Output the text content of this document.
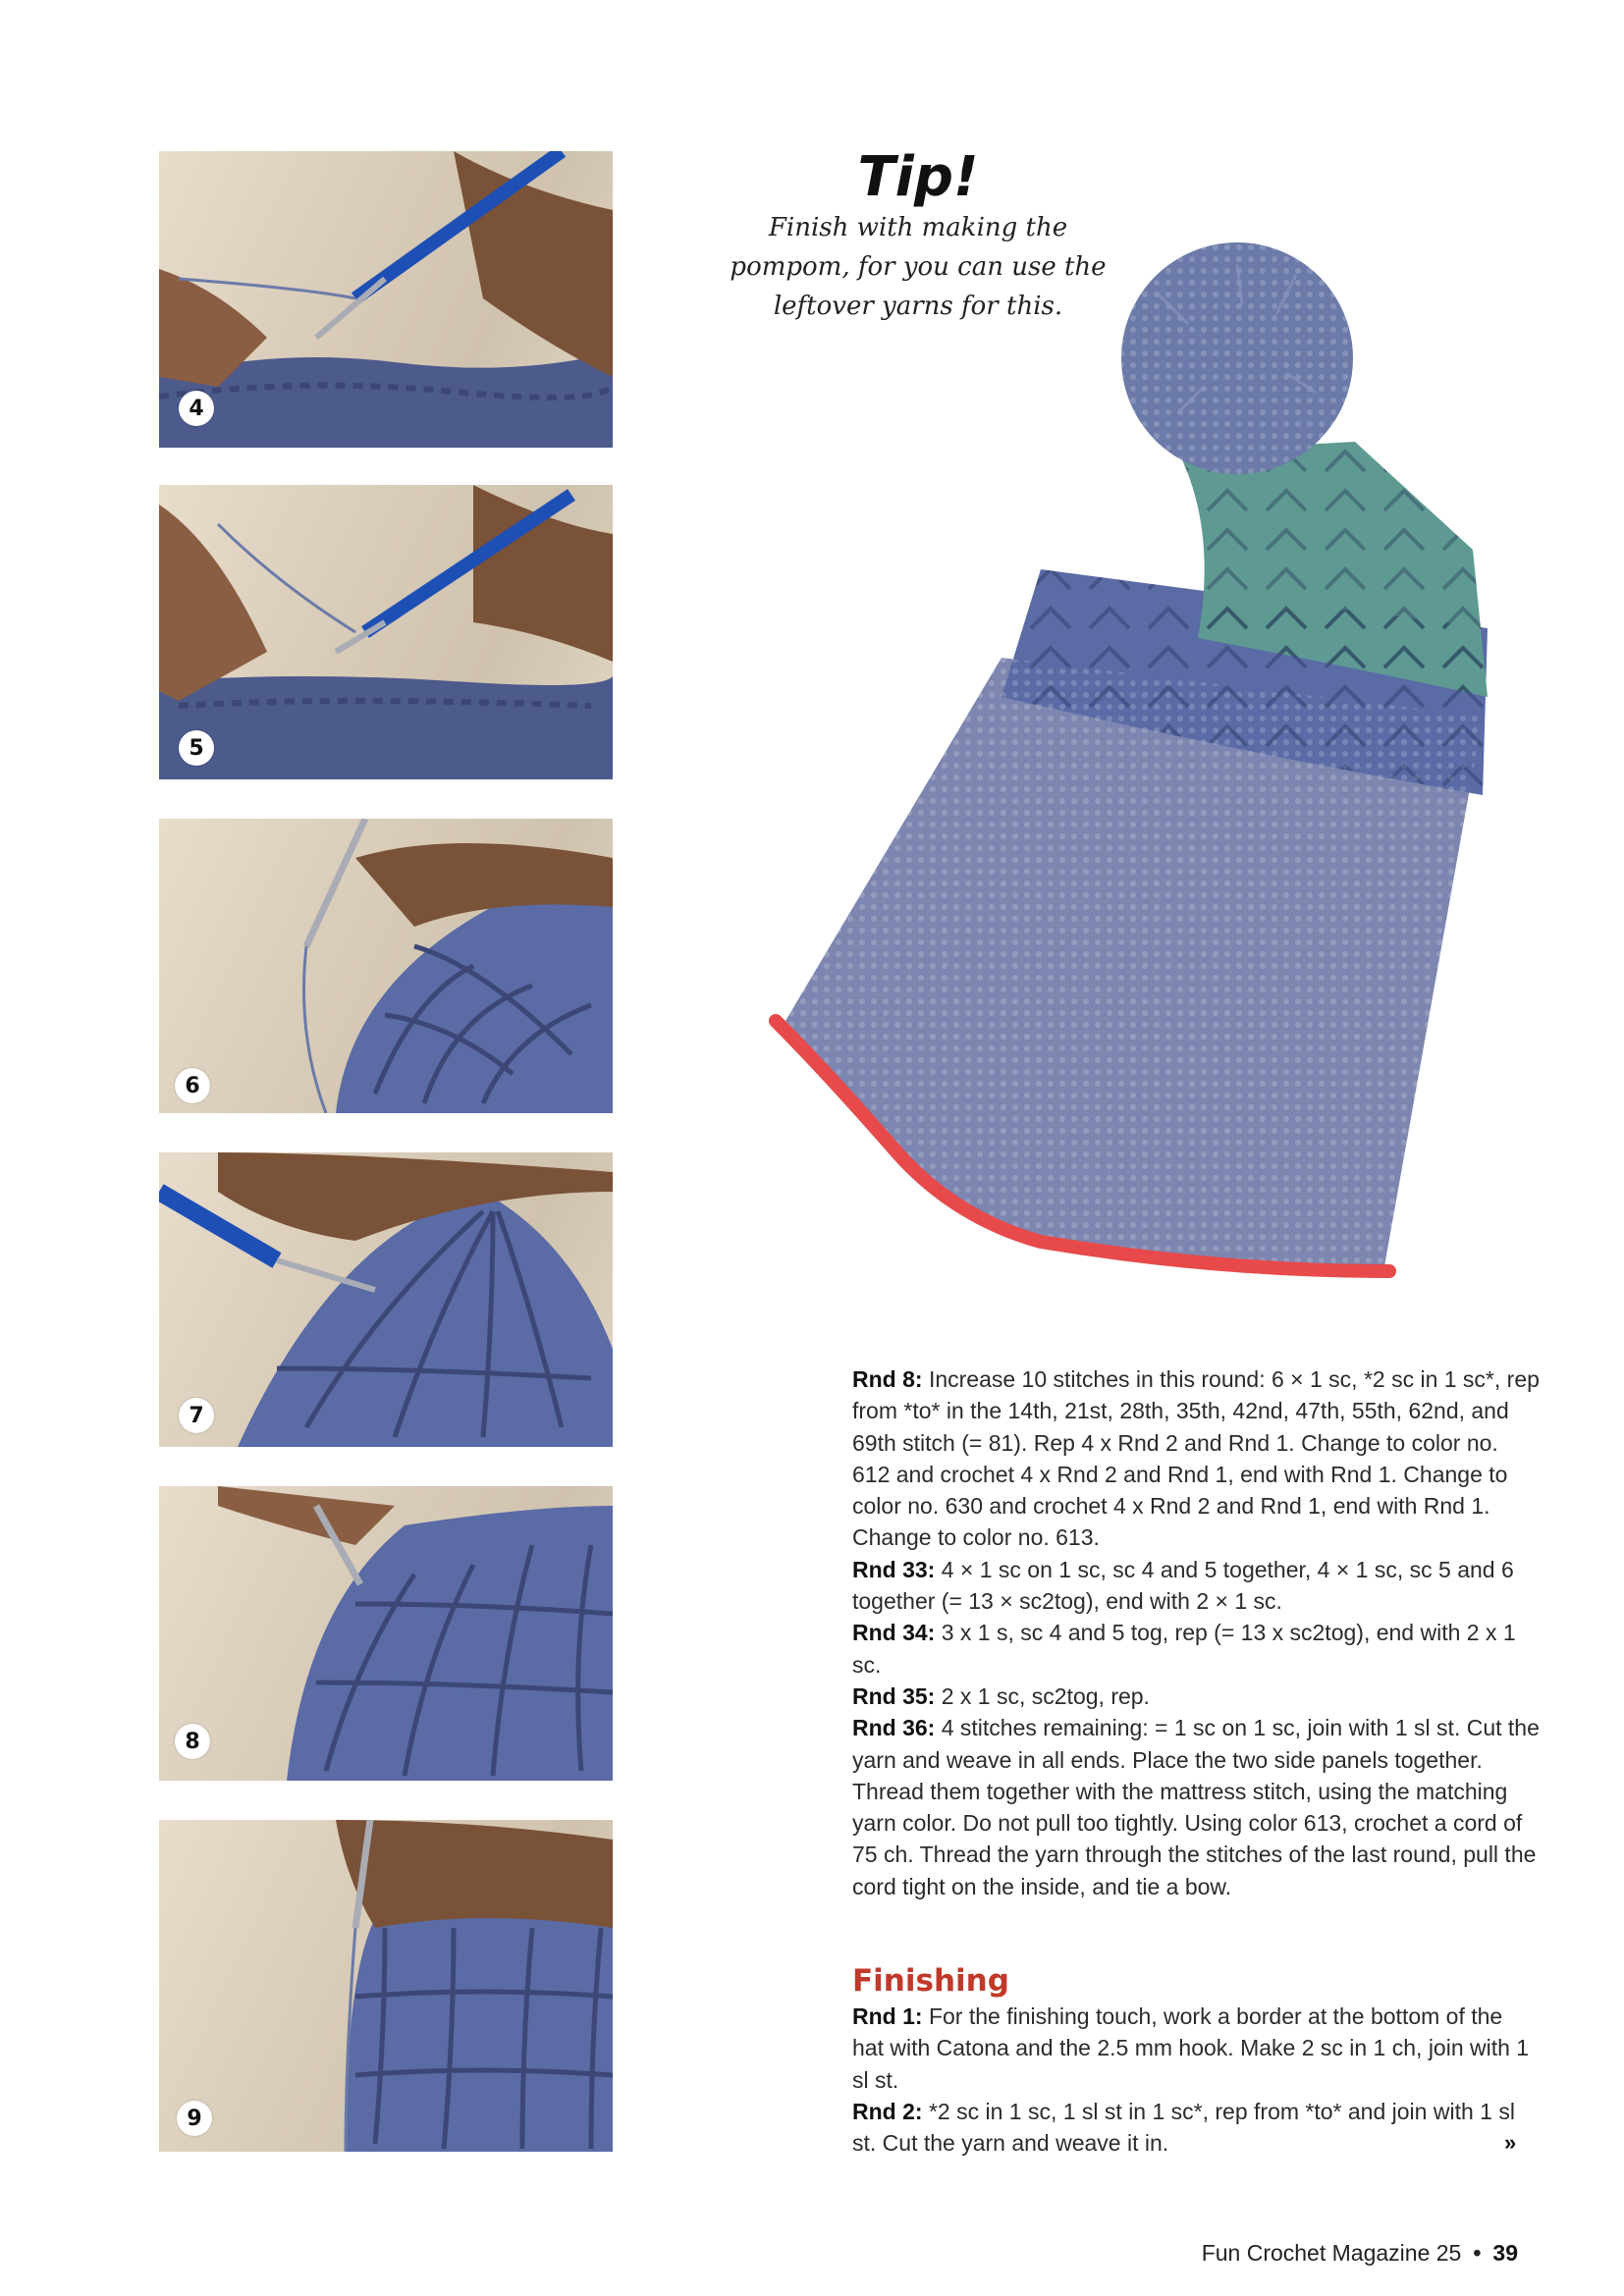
4
5
6
7
8
9
Tip!

Finish with making the pompom, for you can use the leftover yarns for this.

Rnd 8: Increase 10 stitches in this round: 6 × 1 sc, *2 sc in 1 sc*, rep from *to* in the 14th, 21st, 28th, 35th, 42nd, 47th, 55th, 62nd, and 69th stitch (= 81). Rep 4 x Rnd 2 and Rnd 1. Change to color no. 612 and crochet 4 x Rnd 2 and Rnd 1, end with Rnd 1. Change to color no. 630 and crochet 4 x Rnd 2 and Rnd 1, end with Rnd 1. Change to color no. 613.

Rnd 33: 4 × 1 sc on 1 sc, sc 4 and 5 together, 4 × 1 sc, sc 5 and 6 together (= 13 × sc2tog), end with 2 × 1 sc.

Rnd 34: 3 x 1 s, sc 4 and 5 tog, rep (= 13 x sc2tog), end with 2 x 1 sc.

Rnd 35: 2 x 1 sc, sc2tog, rep.

Rnd 36: 4 stitches remaining: = 1 sc on 1 sc, join with 1 sl st. Cut the yarn and weave in all ends. Place the two side panels together. Thread them together with the mattress stitch, using the matching yarn color. Do not pull too tightly. Using color 613, crochet a cord of 75 ch. Thread the yarn through the stitches of the last round, pull the cord tight on the inside, and tie a bow.

Finishing

Rnd 1: For the finishing touch, work a border at the bottom of the hat with Catona and the 2.5 mm hook. Make 2 sc in 1 ch, join with 1 sl st.

Rnd 2: *2 sc in 1 sc, 1 sl st in 1 sc*, rep from *to* and join with 1 sl st. Cut the yarn and weave it in.	»
Fun Crochet Magazine 25 • 39
